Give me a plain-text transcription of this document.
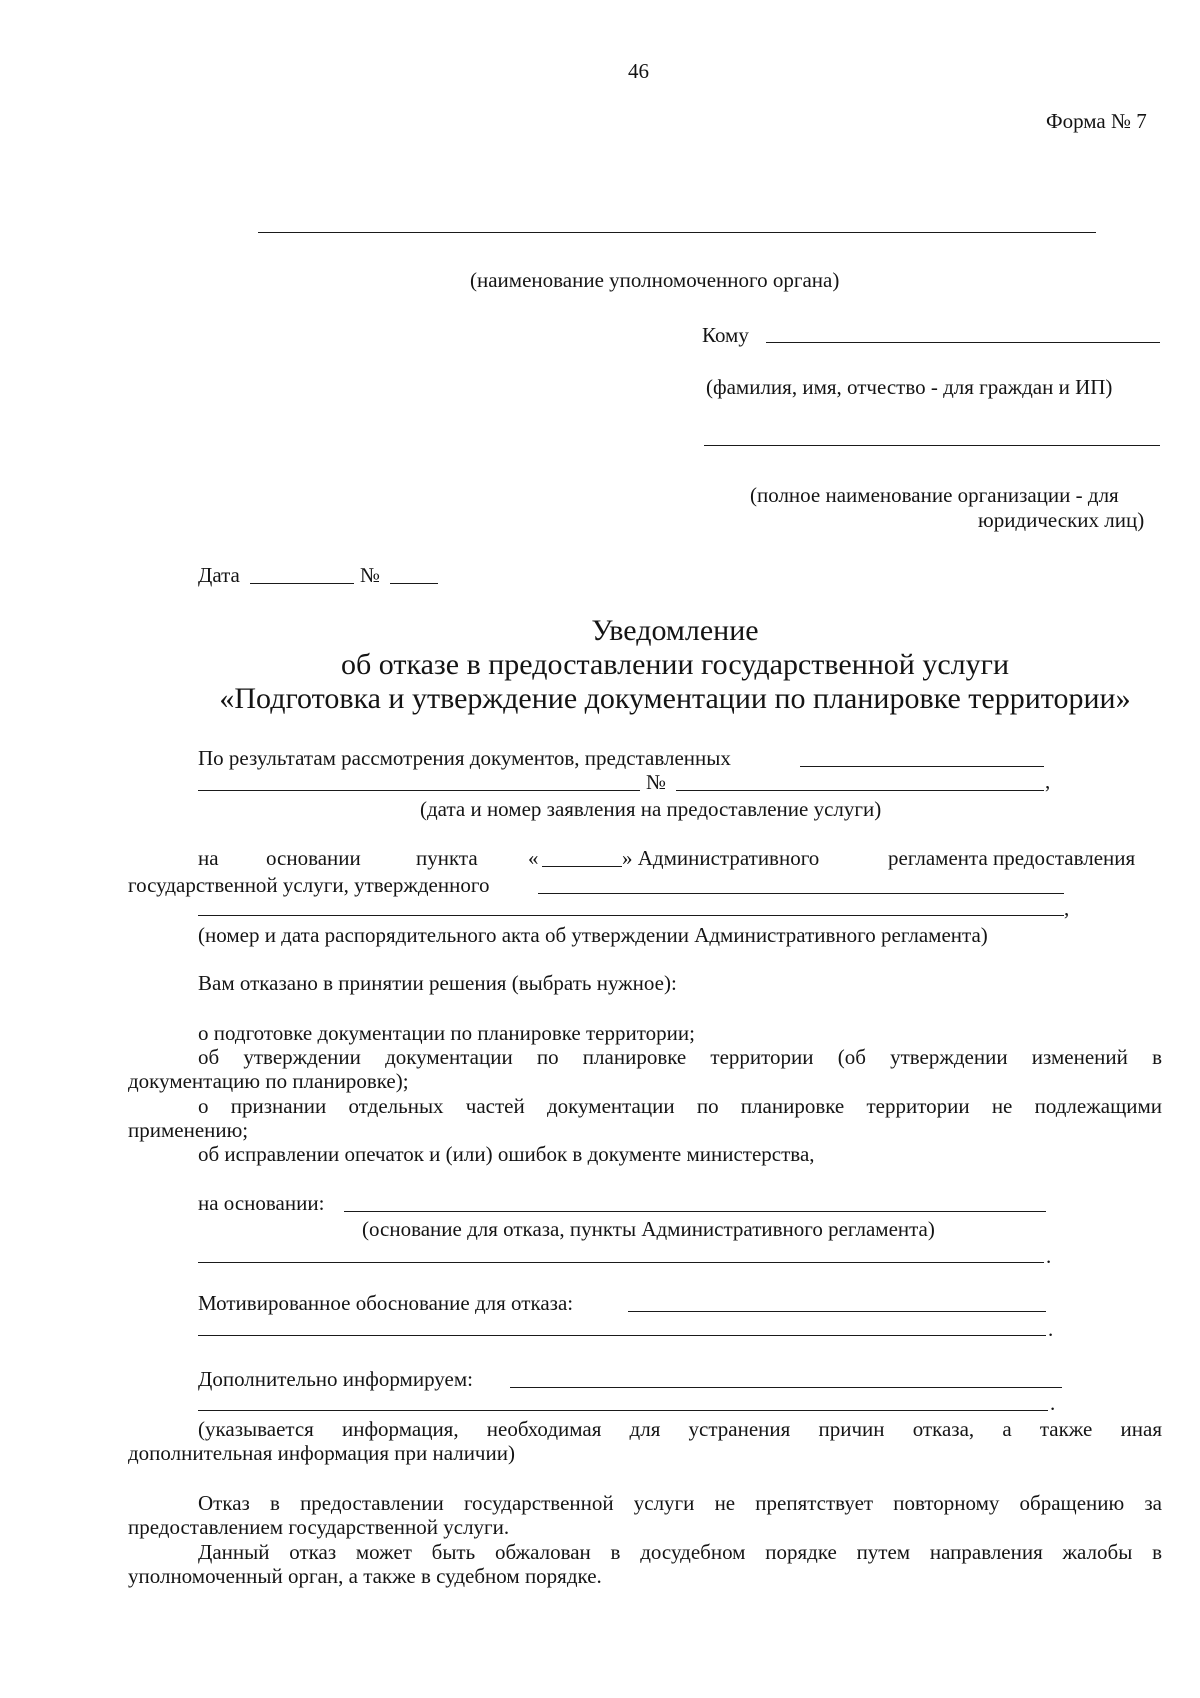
46
Форма № 7
(наименование уполномоченного органа)
Кому
(фамилия, имя, отчество - для граждан и ИП)
(полное наименование организации - для
юридических лиц)
Дата	№
Уведомление
об отказе в предоставлении государственной услуги
«Подготовка и утверждение документации по планировке территории»
По результатам рассмотрения документов, представленных
№	,
(дата и номер заявления на предоставление услуги)
на основании	пункта «	» Административного	регламента предоставления
государственной услуги, утвержденного
,
(номер и дата распорядительного акта об утверждении Административного регламента)
Вам отказано в принятии решения (выбрать нужное):
о подготовке документации по планировке территории;
об утверждении документации по планировке территории (об утверждении изменений в
документацию по планировке);
о признании отдельных частей документации по планировке территории не подлежащими
применению;
об исправлении опечаток и (или) ошибок в документе министерства,
на основании:
(основание для отказа, пункты Административного регламента)
.
Мотивированное обоснование для отказа:
.
Дополнительно информируем:
.
(указывается информация, необходимая для устранения причин отказа, а также иная
дополнительная информация при наличии)
Отказ в предоставлении государственной услуги не препятствует повторному обращению за
предоставлением государственной услуги.
Данный отказ может быть обжалован в досудебном порядке путем направления жалобы в
уполномоченный орган, а также в судебном порядке.
